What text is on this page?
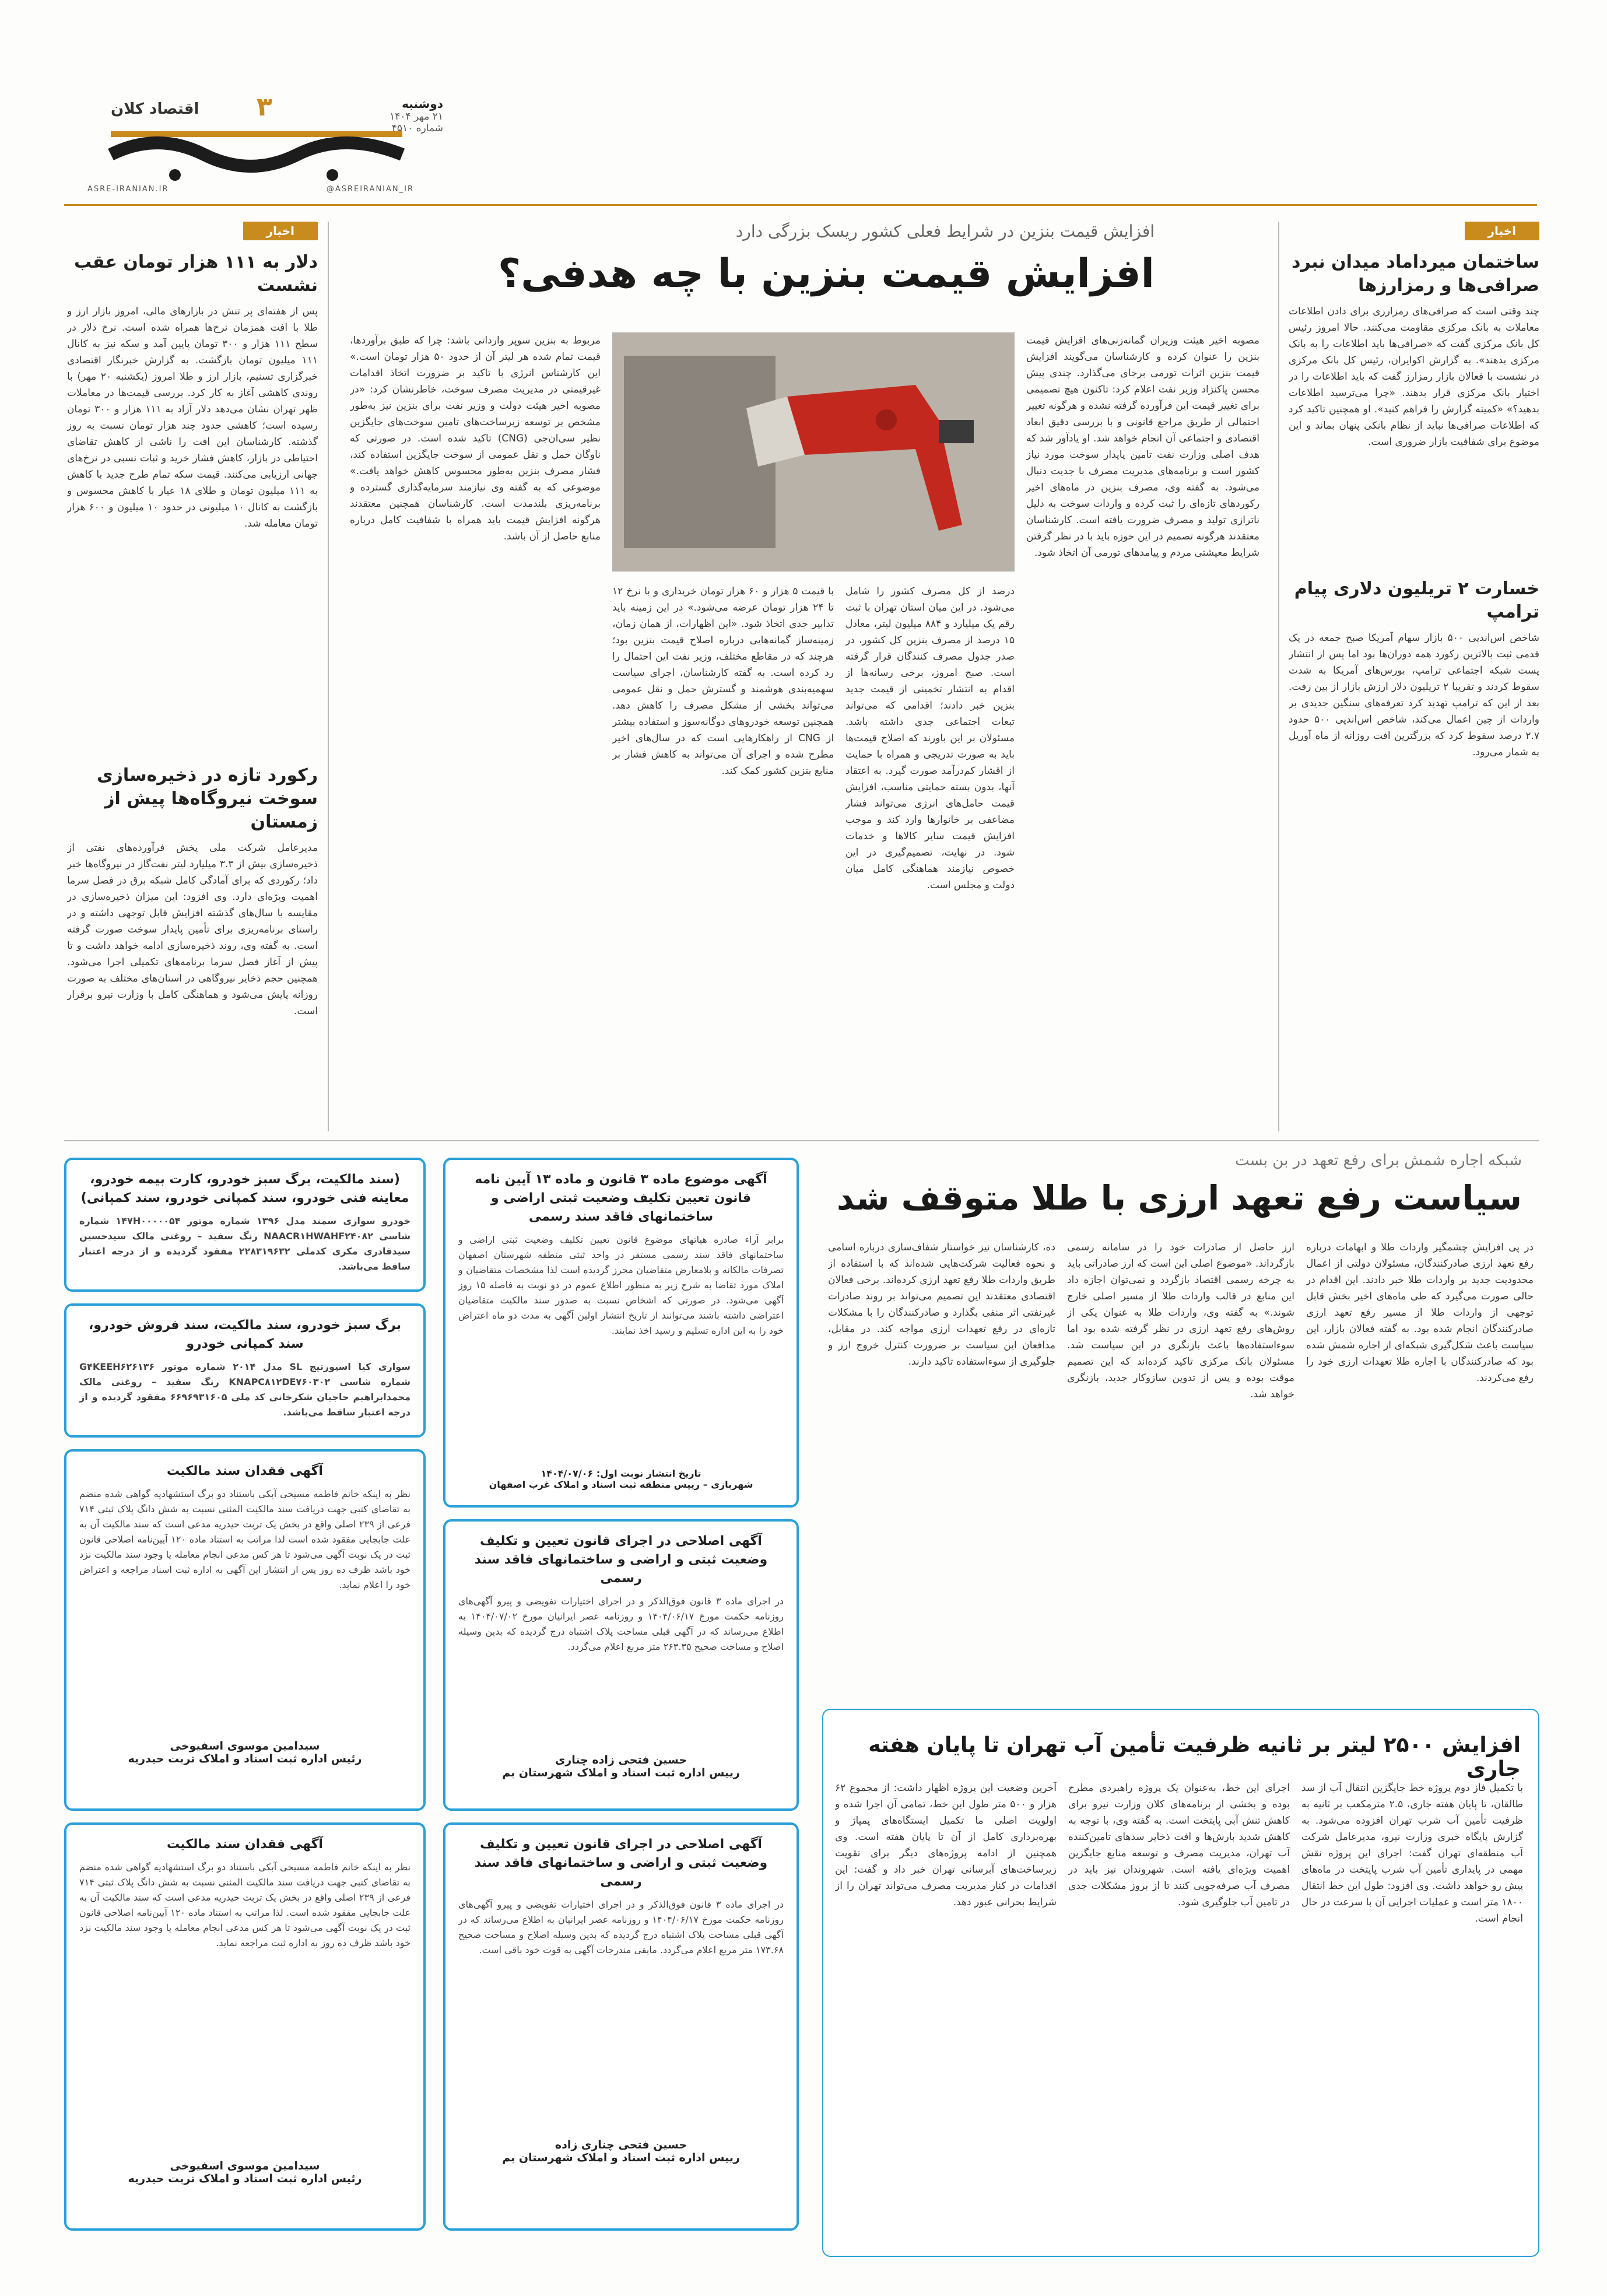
اقتصاد کلان ۳
ASRE-IRANIAN.IR	@ASREIRANIAN_IR
دوشنبه
۲۱ مهر ۱۴۰۴
شماره ۴۵۱۰
اخبار
ساختمان میرداماد میدان نبرد صرافی‌ها و رمزارزها
چند وقتی است که صرافی‌های رمزارزی برای دادن اطلاعات معاملات به بانک مرکزی مقاومت می‌کنند. حالا امروز رئیس کل بانک مرکزی گفت که «صرافی‌ها باید اطلاعات را به بانک مرکزی بدهند». به گزارش اکوایران، رئیس کل بانک مرکزی در نشست با فعالان بازار رمزارز گفت که باید اطلاعات را در اختیار بانک مرکزی قرار بدهند. «چرا می‌ترسید اطلاعات بدهید؟» «کمیته گزارش را فراهم کنید». او همچنین تاکید کرد که اطلاعات صرافی‌ها نباید از نظام بانکی پنهان بماند و این موضوع برای شفافیت بازار ضروری است.
خسارت ۲ تریلیون دلاری پیام ترامپ
شاخص اس‌اند‌پی ۵۰۰ بازار سهام آمریکا صبح جمعه در یک قدمی ثبت بالاترین رکورد همه دوران‌ها بود اما پس از انتشار پست شبکه اجتماعی ترامپ، بورس‌های آمریکا به شدت سقوط کردند و تقریبا ۲ تریلیون دلار ارزش بازار از بین رفت. بعد از این که ترامپ تهدید کرد تعرفه‌های سنگین جدیدی بر واردات از چین اعمال می‌کند، شاخص اس‌اند‌پی ۵۰۰ حدود ۲.۷ درصد سقوط کرد که بزرگترین افت روزانه از ماه آوریل به شمار می‌رود.
اخبار
دلار به ۱۱۱ هزار تومان عقب نشست
پس از هفته‌ای پر تنش در بازارهای مالی، امروز بازار ارز و طلا با افت همزمان نرخ‌ها همراه شده است. نرخ دلار در سطح ۱۱۱ هزار و ۳۰۰ تومان پایین آمد و سکه نیز به کانال ۱۱۱ میلیون تومان بازگشت. به گزارش خبرنگار اقتصادی خبرگزاری تسنیم، بازار ارز و طلا امروز (یکشنبه ۲۰ مهر) با روندی کاهشی آغاز به کار کرد. بررسی قیمت‌ها در معاملات ظهر تهران نشان می‌دهد دلار آزاد به ۱۱۱ هزار و ۳۰۰ تومان رسیده است؛ کاهشی حدود چند هزار تومان نسبت به روز گذشته. کارشناسان این افت را ناشی از کاهش تقاضای احتیاطی در بازار، کاهش فشار خرید و ثبات نسبی در نرخ‌های جهانی ارزیابی می‌کنند. قیمت سکه تمام طرح جدید با کاهش به ۱۱۱ میلیون تومان و طلای ۱۸ عیار با کاهش محسوس و بازگشت به کانال ۱۰ میلیونی در حدود ۱۰ میلیون و ۶۰۰ هزار تومان معامله شد.
رکورد تازه در ذخیره‌سازی سوخت نیروگاه‌ها پیش از زمستان
مدیرعامل شرکت ملی پخش فرآورده‌های نفتی از ذخیره‌سازی بیش از ۳.۳ میلیارد لیتر نفت‌گاز در نیروگاه‌ها خبر داد؛ رکوردی که برای آمادگی کامل شبکه برق در فصل سرما اهمیت ویژه‌ای دارد. وی افزود: این میزان ذخیره‌سازی در مقایسه با سال‌های گذشته افزایش قابل توجهی داشته و در راستای برنامه‌ریزی برای تأمین پایدار سوخت صورت گرفته است. به گفته وی، روند ذخیره‌سازی ادامه خواهد داشت و تا پیش از آغاز فصل سرما برنامه‌های تکمیلی اجرا می‌شود. همچنین حجم ذخایر نیروگاهی در استان‌های مختلف به صورت روزانه پایش می‌شود و هماهنگی کامل با وزارت نیرو برقرار است.
افزایش قیمت بنزین در شرایط فعلی کشور ریسک بزرگی دارد
افزایش قیمت بنزین با چه هدفی؟
مصوبه اخیر هیئت وزیران گمانه‌زنی‌های افزایش قیمت بنزین را عنوان کرده و کارشناسان می‌گویند افزایش قیمت بنزین اثرات تورمی برجای می‌گذارد. چندی پیش محسن پاکنژاد وزیر نفت اعلام کرد: تاکنون هیچ تصمیمی برای تغییر قیمت این فرآورده گرفته نشده و هرگونه تغییر احتمالی از طریق مراجع قانونی و با بررسی دقیق ابعاد اقتصادی و اجتماعی آن انجام خواهد شد. او یادآور شد که هدف اصلی وزارت نفت تامین پایدار سوخت مورد نیاز کشور است و برنامه‌های مدیریت مصرف با جدیت دنبال می‌شود. به گفته وی، مصرف بنزین در ماه‌های اخیر رکوردهای تازه‌ای را ثبت کرده و واردات سوخت به دلیل ناترازی تولید و مصرف ضرورت یافته است. کارشناسان معتقدند هرگونه تصمیم در این حوزه باید با در نظر گرفتن شرایط معیشتی مردم و پیامدهای تورمی آن اتخاذ شود.
درصد از کل مصرف کشور را شامل می‌شود. در این میان استان تهران با ثبت رقم یک میلیارد و ۸۸۴ میلیون لیتر، معادل ۱۵ درصد از مصرف بنزین کل کشور، در صدر جدول مصرف کنندگان قرار گرفته است. صبح امروز، برخی رسانه‌ها از اقدام به انتشار تخمینی از قیمت جدید بنزین خبر دادند؛ اقدامی که می‌تواند تبعات اجتماعی جدی داشته باشد. مسئولان بر این باورند که اصلاح قیمت‌ها باید به صورت تدریجی و همراه با حمایت از اقشار کم‌درآمد صورت گیرد. به اعتقاد آنها، بدون بسته حمایتی مناسب، افزایش قیمت حامل‌های انرژی می‌تواند فشار مضاعفی بر خانوارها وارد کند و موجب افزایش قیمت سایر کالاها و خدمات شود. در نهایت، تصمیم‌گیری در این خصوص نیازمند هماهنگی کامل میان دولت و مجلس است.
با قیمت ۵ هزار و ۶۰ هزار تومان خریداری و با نرخ ۱۲ تا ۲۴ هزار تومان عرضه می‌شود.» در این زمینه باید تدابیر جدی اتخاذ شود. «این اظهارات، از همان زمان، زمینه‌ساز گمانه‌هایی درباره اصلاح قیمت بنزین بود؛ هرچند که در مقاطع مختلف، وزیر نفت این احتمال را رد کرده است. به گفته کارشناسان، اجرای سیاست سهمیه‌بندی هوشمند و گسترش حمل و نقل عمومی می‌تواند بخشی از مشکل مصرف را کاهش دهد. همچنین توسعه خودروهای دوگانه‌سوز و استفاده بیشتر از CNG از راهکارهایی است که در سال‌های اخیر مطرح شده و اجرای آن می‌تواند به کاهش فشار بر منابع بنزین کشور کمک کند.
مربوط به بنزین سوپر وارداتی باشد: چرا که طبق برآوردها، قیمت تمام شده هر لیتر آن از حدود ۵۰ هزار تومان است.» این کارشناس انرژی با تاکید بر ضرورت اتخاذ اقدامات غیرقیمتی در مدیریت مصرف سوخت، خاطرنشان کرد: «در مصوبه اخیر هیئت دولت و وزیر نفت برای بنزین نیز به‌طور مشخص بر توسعه زیرساخت‌های تامین سوخت‌های جایگزین نظیر سی‌ان‌جی (CNG) تاکید شده است. در صورتی که ناوگان حمل و نقل عمومی از سوخت جایگزین استفاده کند، فشار مصرف بنزین به‌طور محسوس کاهش خواهد یافت.» موضوعی که به گفته وی نیازمند سرمایه‌گذاری گسترده و برنامه‌ریزی بلندمدت است. کارشناسان همچنین معتقدند هرگونه افزایش قیمت باید همراه با شفافیت کامل درباره منابع حاصل از آن باشد.
شبکه اجاره شمش برای رفع تعهد در بن بست
سیاست رفع تعهد ارزی با طلا متوقف شد
در پی افزایش چشمگیر واردات طلا و ابهامات درباره رفع تعهد ارزی صادرکنندگان، مسئولان دولتی از اعمال محدودیت جدید بر واردات طلا خبر دادند. این اقدام در حالی صورت می‌گیرد که طی ماه‌های اخیر بخش قابل توجهی از واردات طلا از مسیر رفع تعهد ارزی صادرکنندگان انجام شده بود. به گفته فعالان بازار، این سیاست باعث شکل‌گیری شبکه‌ای از اجاره شمش شده بود که صادرکنندگان با اجاره طلا تعهدات ارزی خود را رفع می‌کردند.
ارز حاصل از صادرات خود را در سامانه رسمی بازگرداند. «موضوع اصلی این است که ارز صادراتی باید به چرخه رسمی اقتصاد بازگردد و نمی‌توان اجازه داد این منابع در قالب واردات طلا از مسیر اصلی خارج شوند.» به گفته وی، واردات طلا به عنوان یکی از روش‌های رفع تعهد ارزی در نظر گرفته شده بود اما سوءاستفاده‌ها باعث بازنگری در این سیاست شد. مسئولان بانک مرکزی تاکید کرده‌اند که این تصمیم موقت بوده و پس از تدوین سازوکار جدید، بازنگری خواهد شد.
ده، کارشناسان نیز خواستار شفاف‌سازی درباره اسامی و نحوه فعالیت شرکت‌هایی شده‌اند که با استفاده از طریق واردات طلا رفع تعهد ارزی کرده‌اند. برخی فعالان اقتصادی معتقدند این تصمیم می‌تواند بر روند صادرات غیرنفتی اثر منفی بگذارد و صادرکنندگان را با مشکلات تازه‌ای در رفع تعهدات ارزی مواجه کند. در مقابل، مدافعان این سیاست بر ضرورت کنترل خروج ارز و جلوگیری از سوءاستفاده تاکید دارند.
افزایش ۲۵۰۰ لیتر بر ثانیه ظرفیت تأمین آب تهران تا پایان هفته جاری
با تکمیل فاز دوم پروژه خط جایگزین انتقال آب از سد طالقان، تا پایان هفته جاری، ۲.۵ مترمکعب بر ثانیه به ظرفیت تأمین آب شرب تهران افزوده می‌شود. به گزارش پایگاه خبری وزارت نیرو، مدیرعامل شرکت آب منطقه‌ای تهران گفت: اجرای این پروژه نقش مهمی در پایداری تأمین آب شرب پایتخت در ماه‌های پیش رو خواهد داشت. وی افزود: طول این خط انتقال ۱۸۰۰ متر است و عملیات اجرایی آن با سرعت در حال انجام است.
اجرای این خط، به‌عنوان یک پروژه راهبردی مطرح بوده و بخشی از برنامه‌های کلان وزارت نیرو برای کاهش تنش آبی پایتخت است. به گفته وی، با توجه به کاهش شدید بارش‌ها و افت ذخایر سدهای تامین‌کننده آب تهران، مدیریت مصرف و توسعه منابع جایگزین اهمیت ویژه‌ای یافته است. شهروندان نیز باید در مصرف آب صرفه‌جویی کنند تا از بروز مشکلات جدی در تامین آب جلوگیری شود.
آخرین وضعیت این پروژه اظهار داشت: از مجموع ۶۲ هزار و ۵۰۰ متر طول این خط، تمامی آن اجرا شده و اولویت اصلی ما تکمیل ایستگاه‌های پمپاژ و بهره‌برداری کامل از آن تا پایان هفته است. وی همچنین از ادامه پروژه‌های دیگر برای تقویت زیرساخت‌های آبرسانی تهران خبر داد و گفت: این اقدامات در کنار مدیریت مصرف می‌تواند تهران را از شرایط بحرانی عبور دهد.
(سند مالکیت، برگ سبز خودرو، کارت بیمه خودرو، معاینه فنی خودرو، سند کمپانی خودرو، سند کمپانی)
خودرو سواری سمند مدل ۱۳۹۶ شماره موتور ۱۴۷H۰۰۰۰۰۵۴ شماره شاسی NAACR۱HWAHF۲۴۰۸۲ رنگ سفید – روغنی مالک سیدحسین سیدقادری مکری کدملی ۲۲۸۳۱۹۶۳۲ مفقود گردیده و از درجه اعتبار ساقط می‌باشد.
برگ سبز خودرو، سند مالکیت، سند فروش خودرو، سند کمپانی خودرو
سواری کیا اسپورتیج SL مدل ۲۰۱۴ شماره موتور G۴KEEH۶۲۶۱۳۶ شماره شاسی KNAPC۸۱۲DE۷۶۰۳۰۲ رنگ سفید – روغنی مالک محمدابراهیم حاجیان شکرخانی کد ملی ۶۶۹۶۹۳۱۶۰۵ مفقود گردیده و از درجه اعتبار ساقط می‌باشد.
آگهی فقدان سند مالکیت
نظر به اینکه خانم فاطمه مسیحی آبکی باستناد دو برگ استشهادیه گواهی شده منضم به تقاضای کتبی جهت دریافت سند مالکیت المثنی نسبت به شش دانگ پلاک ثبتی ۷۱۴ فرعی از ۲۳۹ اصلی واقع در بخش یک تربت حیدریه مدعی است که سند مالکیت آن به علت جابجایی مفقود شده است لذا مراتب به استناد ماده ۱۲۰ آیین‌نامه اصلاحی قانون ثبت در یک نوبت آگهی می‌شود تا هر کس مدعی انجام معامله یا وجود سند مالکیت نزد خود باشد ظرف ده روز پس از انتشار این آگهی به اداره ثبت اسناد مراجعه و اعتراض خود را اعلام نماید.
سیدامین موسوی اسفیوخی
رئیس اداره ثبت اسناد و املاک تربت حیدریه
آگهی فقدان سند مالکیت
نظر به اینکه خانم فاطمه مسیحی آبکی باستناد دو برگ استشهادیه گواهی شده منضم به تقاضای کتبی جهت دریافت سند مالکیت المثنی نسبت به شش دانگ پلاک ثبتی ۷۱۴ فرعی از ۲۳۹ اصلی واقع در بخش یک تربت حیدریه مدعی است که سند مالکیت آن به علت جابجایی مفقود شده است. لذا مراتب به استناد ماده ۱۲۰ آیین‌نامه اصلاحی قانون ثبت در یک نوبت آگهی می‌شود تا هر کس مدعی انجام معامله یا وجود سند مالکیت نزد خود باشد ظرف ده روز به اداره ثبت مراجعه نماید.
سیدامین موسوی اسفیوخی
رئیس اداره ثبت اسناد و املاک تربت حیدریه
آگهی موضوع ماده ۳ قانون و ماده ۱۳ آیین نامه قانون تعیین تکلیف وضعیت ثبتی اراضی و ساختمانهای فاقد سند رسمی
برابر آراء صادره هیاتهای موضوع قانون تعیین تکلیف وضعیت ثبتی اراضی و ساختمانهای فاقد سند رسمی مستقر در واحد ثبتی منطقه شهرستان اصفهان تصرفات مالکانه و بلامعارض متقاضیان محرز گردیده است لذا مشخصات متقاضیان و املاک مورد تقاضا به شرح زیر به منظور اطلاع عموم در دو نوبت به فاصله ۱۵ روز آگهی می‌شود. در صورتی که اشخاص نسبت به صدور سند مالکیت متقاضیان اعتراضی داشته باشند می‌توانند از تاریخ انتشار اولین آگهی به مدت دو ماه اعتراض خود را به این اداره تسلیم و رسید اخذ نمایند.
تاریخ انتشار نوبت اول: ۱۴۰۴/۰۷/۰۶
شهربازی – رییس منطقه ثبت اسناد و املاک غرب اصفهان
آگهی اصلاحی در اجرای قانون تعیین و تکلیف وضعیت ثبتی و اراضی و ساختمانهای فاقد سند رسمی
در اجرای ماده ۳ قانون فوق‌الذکر و در اجرای اختیارات تفویضی و پیرو آگهی‌های روزنامه حکمت مورخ ۱۴۰۴/۰۶/۱۷ و روزنامه عصر ایرانیان مورخ ۱۴۰۴/۰۷/۰۲ به اطلاع می‌رساند که در آگهی قبلی مساحت پلاک اشتباه درج گردیده که بدین وسیله اصلاح و مساحت صحیح ۲۶۳.۳۵ متر مربع اعلام می‌گردد.
حسین فتحی زاده چناری
رییس اداره ثبت اسناد و املاک شهرستان بم
آگهی اصلاحی در اجرای قانون تعیین و تکلیف وضعیت ثبتی و اراضی و ساختمانهای فاقد سند رسمی
در اجرای ماده ۳ قانون فوق‌الذکر و در اجرای اختیارات تفویضی و پیرو آگهی‌های روزنامه حکمت مورخ ۱۴۰۴/۰۶/۱۷ و روزنامه عصر ایرانیان به اطلاع می‌رساند که در آگهی قبلی مساحت پلاک اشتباه درج گردیده که بدین وسیله اصلاح و مساحت صحیح ۱۷۳.۶۸ متر مربع اعلام می‌گردد. مابقی مندرجات آگهی به قوت خود باقی است.
حسین فتحی چناری زاده
رییس اداره ثبت اسناد و املاک شهرستان بم
